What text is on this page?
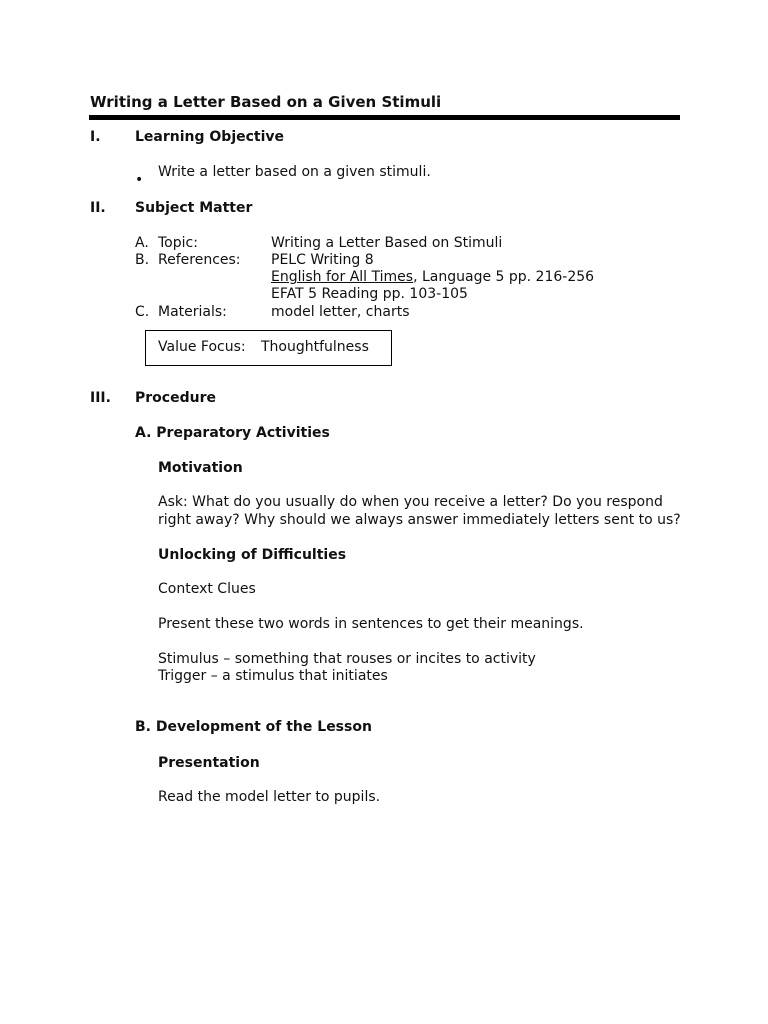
Writing a Letter Based on a Given Stimuli
I. Learning Objective
• Write a letter based on a given stimuli.
II. Subject Matter
A. Topic:	Writing a Letter Based on Stimuli
B. References: PELC Writing 8
English for All Times, Language 5 pp. 216-256
EFAT 5 Reading pp. 103-105
C. Materials:	model letter, charts
Value Focus: Thoughtfulness
III. Procedure
A. Preparatory Activities
Motivation
Ask: What do you usually do when you receive a letter? Do you respond
right away? Why should we always answer immediately letters sent to us?
Unlocking of Difficulties
Context Clues
Present these two words in sentences to get their meanings.
Stimulus – something that rouses or incites to activity
Trigger – a stimulus that initiates
B. Development of the Lesson
Presentation
Read the model letter to pupils.
